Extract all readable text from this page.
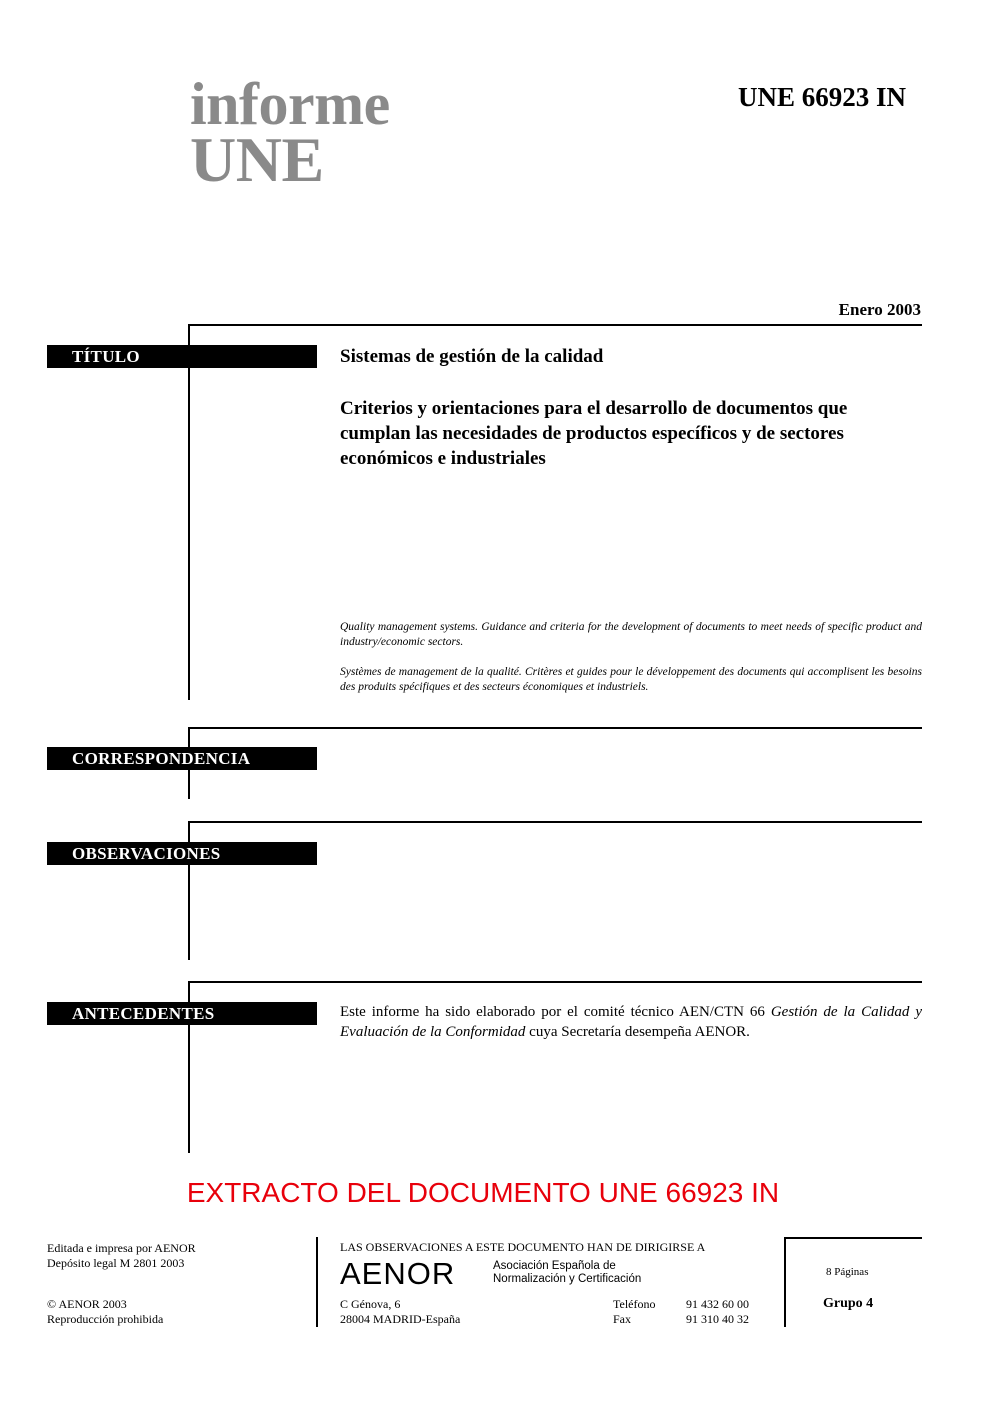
informe
UNE
UNE 66923 IN
Enero 2003
TÍTULO
CORRESPONDENCIA
OBSERVACIONES
ANTECEDENTES
Sistemas de gestión de la calidad
Criterios y orientaciones para el desarrollo de documentos que cumplan las necesidades de productos específicos y de sectores económicos e industriales
Quality management systems. Guidance and criteria for the development of documents to meet needs of specific product and industry/economic sectors.
Systèmes de management de la qualité. Critères et guides pour le développement des documents qui accomplisent les besoins des produits spécifiques et des secteurs économiques et industriels.
Este informe ha sido elaborado por el comité técnico AEN/CTN 66 Gestión de la Calidad y Evaluación de la Conformidad cuya Secretaría desempeña AENOR.
EXTRACTO DEL DOCUMENTO UNE 66923 IN
Editada e impresa por AENOR
Depósito legal M 2801 2003
© AENOR 2003
Reproducción prohibida
LAS OBSERVACIONES A ESTE DOCUMENTO HAN DE DIRIGIRSE A
AENOR	Asociación Española de
Normalización y Certificación
C Génova, 6
28004 MADRID-España
Teléfono
Fax
91 432 60 00
91 310 40 32
8 Páginas
Grupo 4
